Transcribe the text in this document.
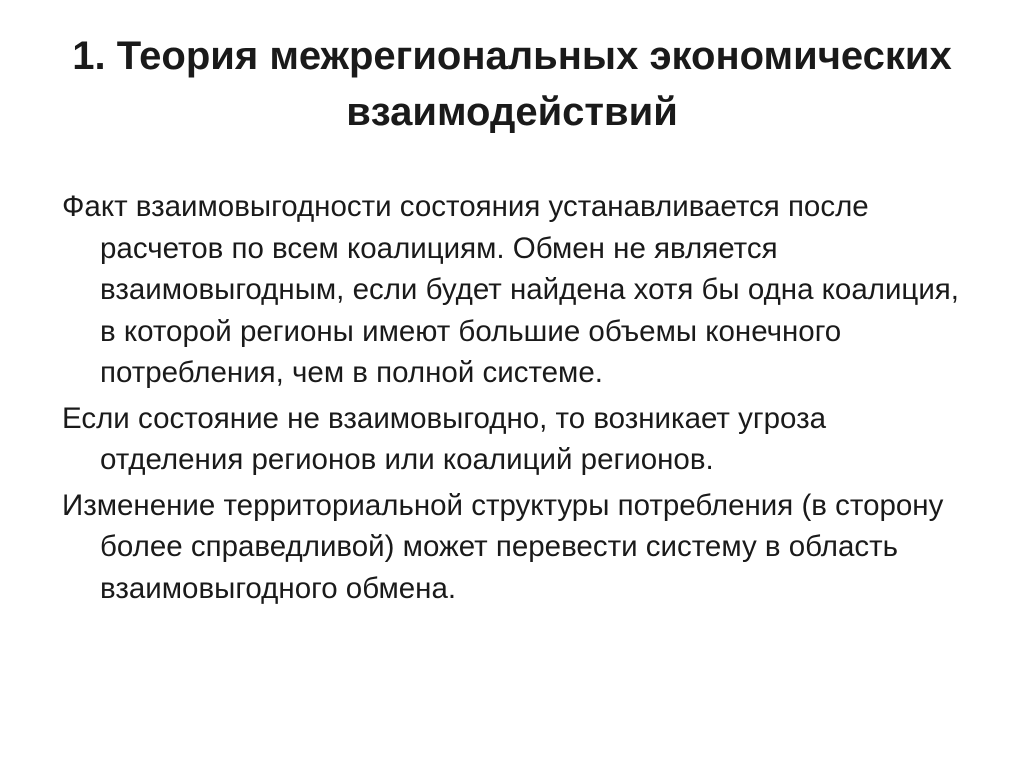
1. Теория межрегиональных экономических взаимодействий
Факт взаимовыгодности состояния устанавливается после расчетов по всем коалициям. Обмен не является взаимовыгодным, если будет найдена хотя бы одна коалиция, в которой регионы имеют большие объемы конечного потребления, чем в полной системе.
Если состояние не взаимовыгодно, то возникает угроза отделения регионов или коалиций регионов.
Изменение территориальной структуры потребления (в сторону более справедливой) может перевести систему в область взаимовыгодного обмена.
